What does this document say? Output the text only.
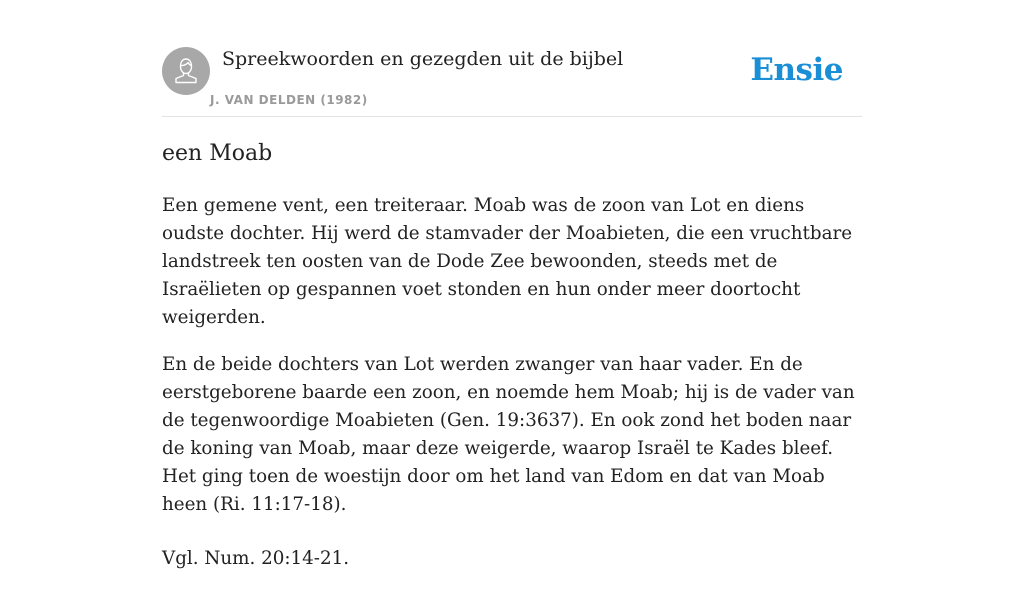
Spreekwoorden en gezegden uit de bijbel
J. VAN DELDEN (1982)
Ensie
een Moab

Een gemene vent, een treiteraar. Moab was de zoon van Lot en diens oudste dochter. Hij werd de stamvader der Moabieten, die een vruchtbare landstreek ten oosten van de Dode Zee bewoonden, steeds met de Israëlieten op gespannen voet stonden en hun onder meer doortocht weigerden.

En de beide dochters van Lot werden zwanger van haar vader. En de eerstgeborene baarde een zoon, en noemde hem Moab; hij is de vader van de tegenwoordige Moabieten (Gen. 19:3637). En ook zond het boden naar de koning van Moab, maar deze weigerde, waarop Israël te Kades bleef. Het ging toen de woestijn door om het land van Edom en dat van Moab heen (Ri. 11:17-18).

Vgl. Num. 20:14-21.
